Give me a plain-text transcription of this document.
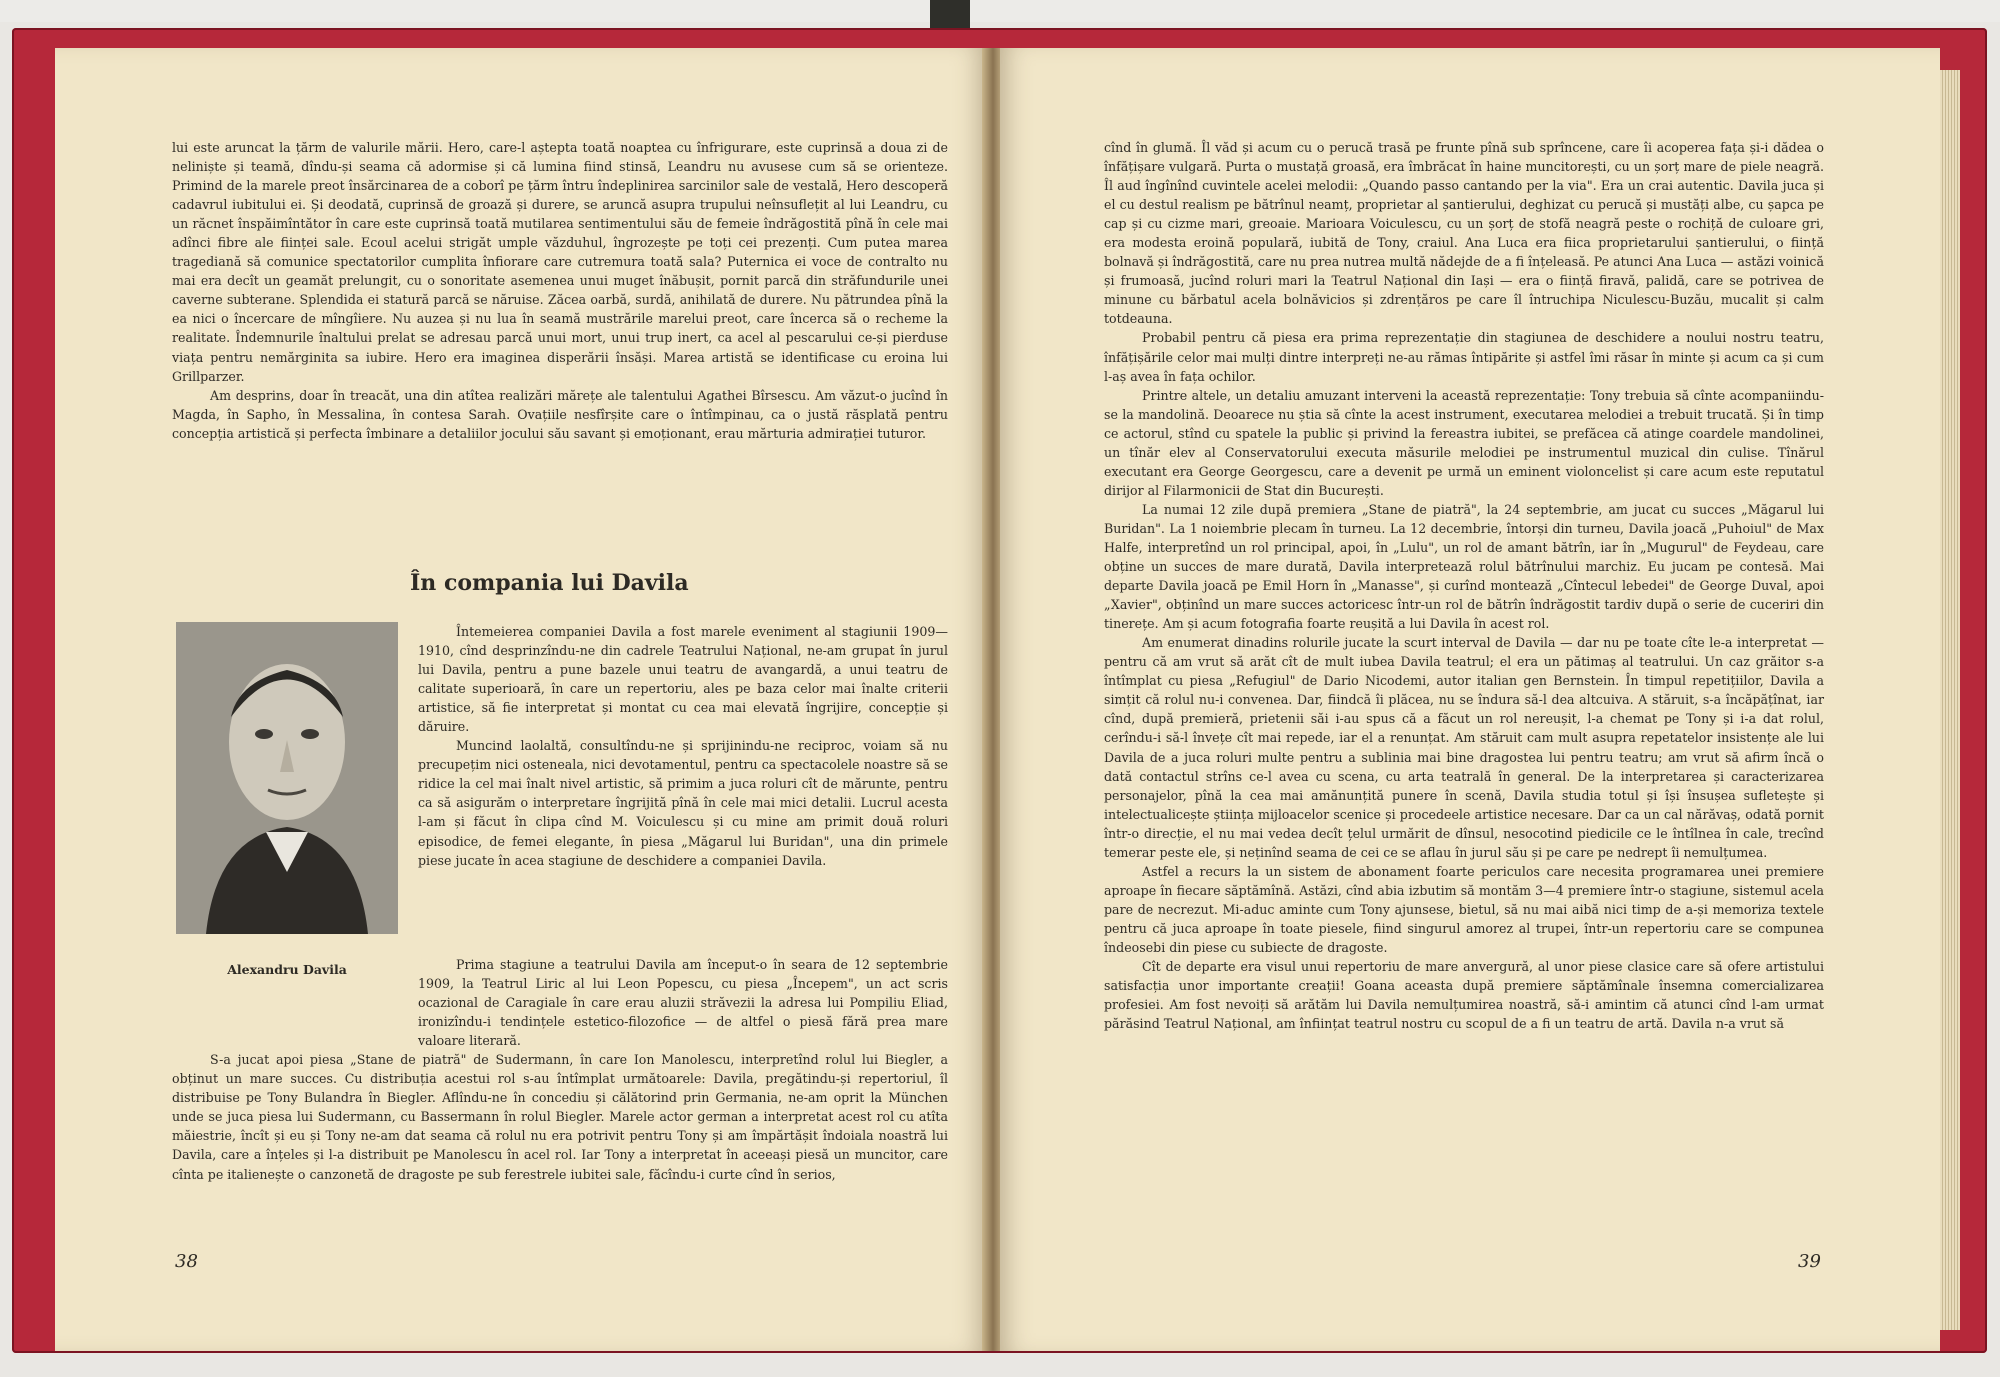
lui este aruncat la țărm de valurile mării. Hero, care-l aștepta toată noaptea cu înfrigurare, este cuprinsă a doua zi de neliniște și teamă, dîndu-și seama că adormise și că lumina fiind stinsă, Leandru nu avusese cum să se orienteze. Primind de la marele preot însărcinarea de a coborî pe țărm întru îndeplinirea sarcinilor sale de vestală, Hero descoperă cadavrul iubitului ei. Și deodată, cuprinsă de groază și durere, se aruncă asupra trupului neînsuflețit al lui Leandru, cu un răcnet înspăimîntător în care este cuprinsă toată mutilarea sentimentului său de femeie îndrăgostită pînă în cele mai adînci fibre ale ființei sale. Ecoul acelui strigăt umple văzduhul, îngrozește pe toți cei prezenți. Cum putea marea tragediană să comunice spectatorilor cumplita înfiorare care cutremura toată sala? Puternica ei voce de contralto nu mai era decît un geamăt prelungit, cu o sonoritate asemenea unui muget înăbușit, pornit parcă din străfundurile unei caverne subterane. Splendida ei statură parcă se năruise. Zăcea oarbă, surdă, anihilată de durere. Nu pătrundea pînă la ea nici o încercare de mîngîiere. Nu auzea și nu lua în seamă mustrările marelui preot, care încerca să o recheme la realitate. Îndemnurile înaltului prelat se adresau parcă unui mort, unui trup inert, ca acel al pescarului ce-și pierduse viața pentru nemărginita sa iubire. Hero era imaginea disperării însăși. Marea artistă se identificase cu eroina lui Grillparzer.

Am desprins, doar în treacăt, una din atîtea realizări mărețe ale talentului Agathei Bîrsescu. Am văzut-o jucînd în Magda, în Sapho, în Messalina, în contesa Sarah. Ovațiile nesfîrșite care o întîmpinau, ca o justă răsplată pentru concepția artistică și perfecta îmbinare a detaliilor jocului său savant și emoționant, erau mărturia admirației tuturor.

În compania lui Davila

Alexandru Davila

Întemeierea companiei Davila a fost marele eveniment al stagiunii 1909—1910, cînd desprinzîndu-ne din cadrele Teatrului Național, ne-am grupat în jurul lui Davila, pentru a pune bazele unui teatru de avangardă, a unui teatru de calitate superioară, în care un repertoriu, ales pe baza celor mai înalte criterii artistice, să fie interpretat și montat cu cea mai elevată îngrijire, concepție și dăruire.

Muncind laolaltă, consultîndu-ne și sprijinindu-ne reciproc, voiam să nu precupețim nici osteneala, nici devotamentul, pentru ca spectacolele noastre să se ridice la cel mai înalt nivel artistic, să primim a juca roluri cît de mărunte, pentru ca să asigurăm o interpretare îngrijită pînă în cele mai mici detalii. Lucrul acesta l-am și făcut în clipa cînd M. Voiculescu și cu mine am primit două roluri episodice, de femei elegante, în piesa „Măgarul lui Buridan", una din primele piese jucate în acea stagiune de deschidere a companiei Davila.

Prima stagiune a teatrului Davila am început-o în seara de 12 septembrie 1909, la Teatrul Liric al lui Leon Popescu, cu piesa „Începem", un act scris ocazional de Caragiale în care erau aluzii străvezii la adresa lui Pompiliu Eliad, ironizîndu-i tendințele estetico-filozofice — de altfel o piesă fără prea mare valoare literară.

S-a jucat apoi piesa „Stane de piatră" de Sudermann, în care Ion Manolescu, interpretînd rolul lui Biegler, a obținut un mare succes. Cu distribuția acestui rol s-au întîmplat următoarele: Davila, pregătindu-și repertoriul, îl distribuise pe Tony Bulandra în Biegler. Aflîndu-ne în concediu și călătorind prin Germania, ne-am oprit la München unde se juca piesa lui Sudermann, cu Bassermann în rolul Biegler. Marele actor german a interpretat acest rol cu atîta măiestrie, încît și eu și Tony ne-am dat seama că rolul nu era potrivit pentru Tony și am împărtășit îndoiala noastră lui Davila, care a înțeles și l-a distribuit pe Manolescu în acel rol. Iar Tony a interpretat în aceeași piesă un muncitor, care cînta pe italienește o canzonetă de dragoste pe sub ferestrele iubitei sale, făcîndu-i curte cînd în serios,

38

cînd în glumă. Îl văd și acum cu o perucă trasă pe frunte pînă sub sprîncene, care îi acoperea fața și-i dădea o înfățișare vulgară. Purta o mustață groasă, era îmbrăcat în haine muncitorești, cu un șorț mare de piele neagră. Îl aud îngînînd cuvintele acelei melodii: „Quando passo cantando per la via". Era un crai autentic. Davila juca și el cu destul realism pe bătrînul neamț, proprietar al șantierului, deghizat cu perucă și mustăți albe, cu șapca pe cap și cu cizme mari, greoaie. Marioara Voiculescu, cu un șorț de stofă neagră peste o rochiță de culoare gri, era modesta eroină populară, iubită de Tony, craiul. Ana Luca era fiica proprietarului șantierului, o ființă bolnavă și îndrăgostită, care nu prea nutrea multă nădejde de a fi înțeleasă. Pe atunci Ana Luca — astăzi voinică și frumoasă, jucînd roluri mari la Teatrul Național din Iași — era o ființă firavă, palidă, care se potrivea de minune cu bărbatul acela bolnăvicios și zdrențăros pe care îl întruchipa Niculescu-Buzău, mucalit și calm totdeauna.

Probabil pentru că piesa era prima reprezentație din stagiunea de deschidere a noului nostru teatru, înfățișările celor mai mulți dintre interpreți ne-au rămas întipărite și astfel îmi răsar în minte și acum ca și cum l-aș avea în fața ochilor.

Printre altele, un detaliu amuzant interveni la această reprezentație: Tony trebuia să cînte acompaniindu-se la mandolină. Deoarece nu știa să cînte la acest instrument, executarea melodiei a trebuit trucată. Și în timp ce actorul, stînd cu spatele la public și privind la fereastra iubitei, se prefăcea că atinge coardele mandolinei, un tînăr elev al Conservatorului executa măsurile melodiei pe instrumentul muzical din culise. Tînărul executant era George Georgescu, care a devenit pe urmă un eminent violoncelist și care acum este reputatul dirijor al Filarmonicii de Stat din București.

La numai 12 zile după premiera „Stane de piatră", la 24 septembrie, am jucat cu succes „Măgarul lui Buridan". La 1 noiembrie plecam în turneu. La 12 decembrie, întorși din turneu, Davila joacă „Puhoiul" de Max Halfe, interpretînd un rol principal, apoi, în „Lulu", un rol de amant bătrîn, iar în „Mugurul" de Feydeau, care obține un succes de mare durată, Davila interpretează rolul bătrînului marchiz. Eu jucam pe contesă. Mai departe Davila joacă pe Emil Horn în „Manasse", și curînd montează „Cîntecul lebedei" de George Duval, apoi „Xavier", obținînd un mare succes actoricesc într-un rol de bătrîn îndrăgostit tardiv după o serie de cuceriri din tinerețe. Am și acum fotografia foarte reușită a lui Davila în acest rol.

Am enumerat dinadins rolurile jucate la scurt interval de Davila — dar nu pe toate cîte le-a interpretat — pentru că am vrut să arăt cît de mult iubea Davila teatrul; el era un pătimaș al teatrului. Un caz grăitor s-a întîmplat cu piesa „Refugiul" de Dario Nicodemi, autor italian gen Bernstein. În timpul repetițiilor, Davila a simțit că rolul nu-i convenea. Dar, fiindcă îi plăcea, nu se îndura să-l dea altcuiva. A stăruit, s-a încăpățînat, iar cînd, după premieră, prietenii săi i-au spus că a făcut un rol nereușit, l-a chemat pe Tony și i-a dat rolul, cerîndu-i să-l învețe cît mai repede, iar el a renunțat. Am stăruit cam mult asupra repetatelor insistențe ale lui Davila de a juca roluri multe pentru a sublinia mai bine dragostea lui pentru teatru; am vrut să afirm încă o dată contactul strîns ce-l avea cu scena, cu arta teatrală în general. De la interpretarea și caracterizarea personajelor, pînă la cea mai amănunțită punere în scenă, Davila studia totul și își însușea sufletește și intelectualicește știința mijloacelor scenice și procedeele artistice necesare. Dar ca un cal nărăvaș, odată pornit într-o direcție, el nu mai vedea decît țelul urmărit de dînsul, nesocotind piedicile ce le întîlnea în cale, trecînd temerar peste ele, și neținînd seama de cei ce se aflau în jurul său și pe care pe nedrept îi nemulțumea.

Astfel a recurs la un sistem de abonament foarte periculos care necesita programarea unei premiere aproape în fiecare săptămînă. Astăzi, cînd abia izbutim să montăm 3—4 premiere într-o stagiune, sistemul acela pare de necrezut. Mi-aduc aminte cum Tony ajunsese, bietul, să nu mai aibă nici timp de a-și memoriza textele pentru că juca aproape în toate piesele, fiind singurul amorez al trupei, într-un repertoriu care se compunea îndeosebi din piese cu subiecte de dragoste.

Cît de departe era visul unui repertoriu de mare anvergură, al unor piese clasice care să ofere artistului satisfacția unor importante creații! Goana aceasta după premiere săptămînale însemna comercializarea profesiei. Am fost nevoiți să arătăm lui Davila nemulțumirea noastră, să-i amintim că atunci cînd l-am urmat părăsind Teatrul Național, am înființat teatrul nostru cu scopul de a fi un teatru de artă. Davila n-a vrut să

39
